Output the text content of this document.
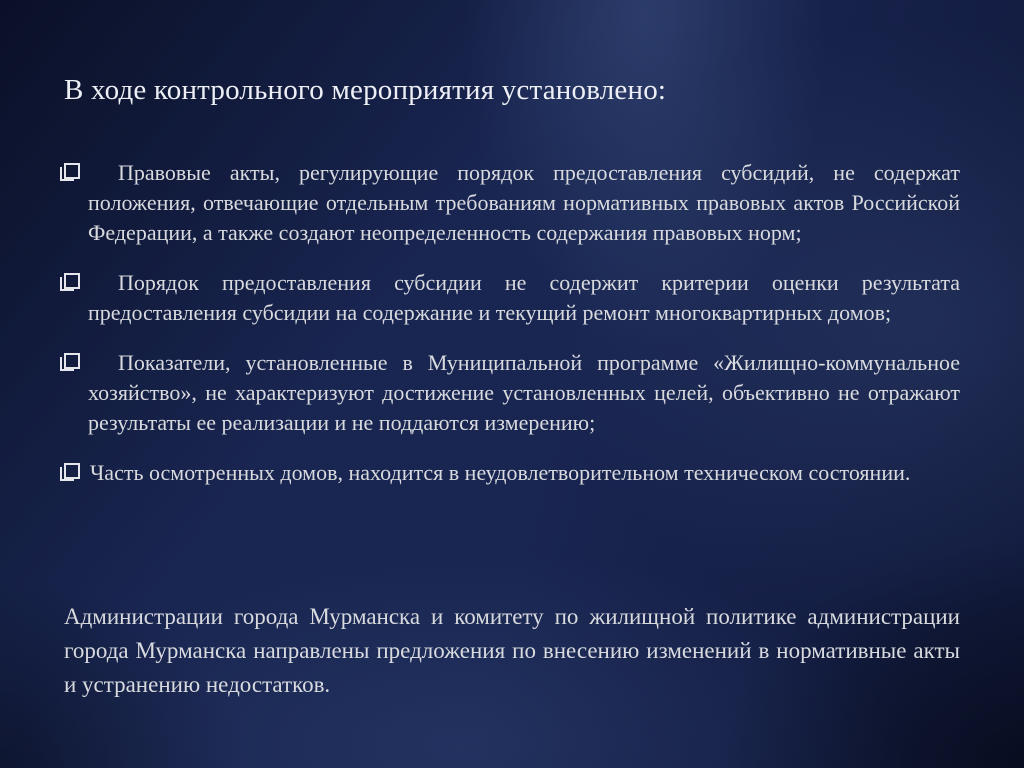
В ходе контрольного мероприятия установлено:

Правовые акты, регулирующие порядок предоставления субсидий, не содержат положения, отвечающие отдельным требованиям нормативных правовых актов Российской Федерации, а также создают неопределенность содержания правовых норм;

Порядок предоставления субсидии не содержит критерии оценки результата предоставления субсидии на содержание и текущий ремонт многоквартирных домов;

Показатели, установленные в Муниципальной программе «Жилищно-коммунальное хозяйство», не характеризуют достижение установленных целей, объективно не отражают результаты ее реализации и не поддаются измерению;

Часть осмотренных домов, находится в неудовлетворительном техническом состоянии.

Администрации города Мурманска и комитету по жилищной политике администрации города Мурманска направлены предложения по внесению изменений в нормативные акты и устранению недостатков.
